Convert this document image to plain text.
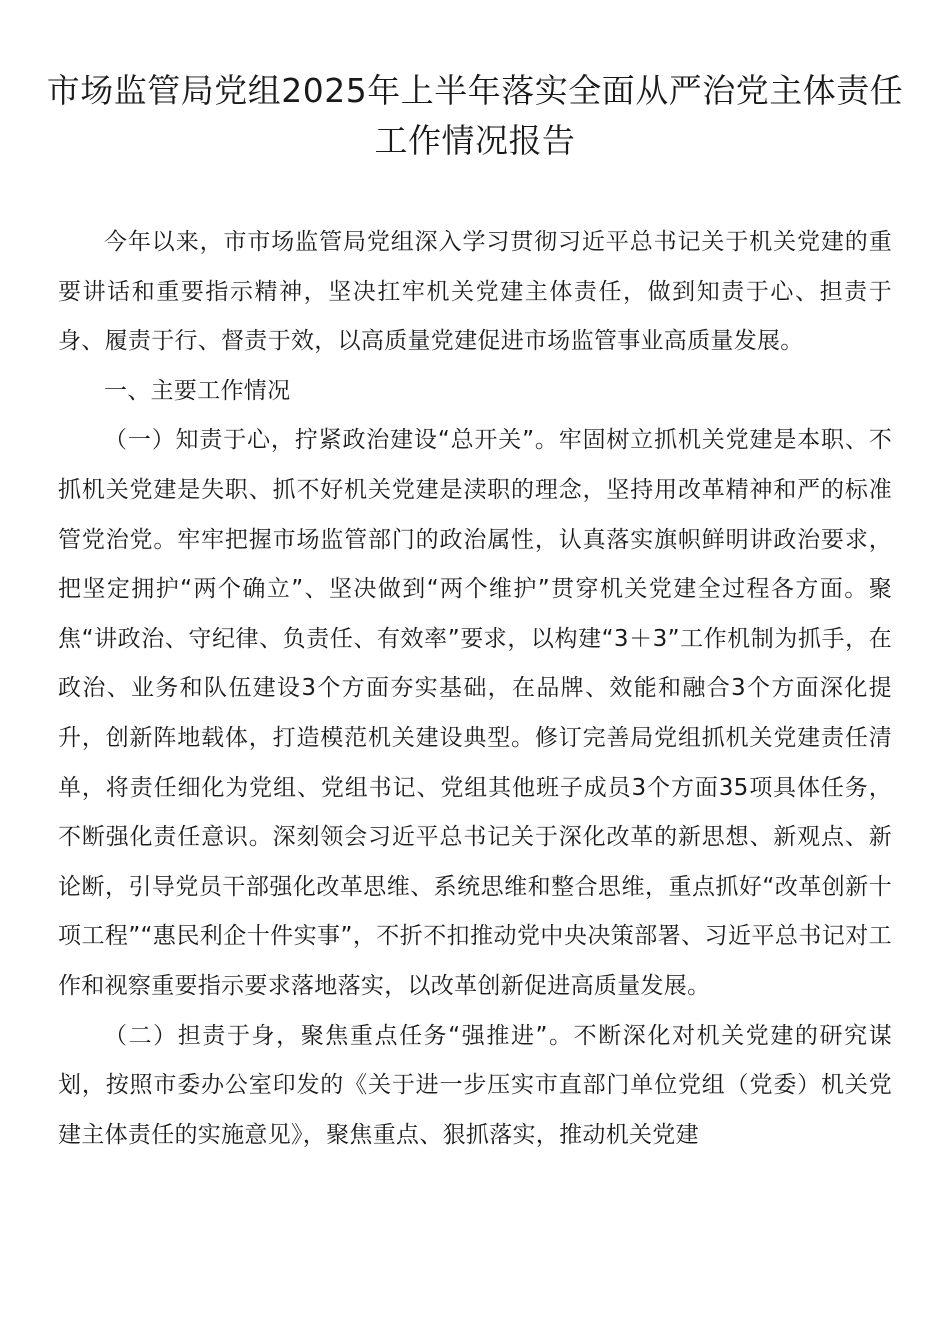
市场监管局党组2025年上半年落实全面从严治党主体责任工作情况报告

今年以来，市市场监管局党组深入学习贯彻习近平总书记关于机关党建的重要讲话和重要指示精神，坚决扛牢机关党建主体责任，做到知责于心、担责于身、履责于行、督责于效，以高质量党建促进市场监管事业高质量发展。

一、主要工作情况

（一）知责于心，拧紧政治建设“总开关”。牢固树立抓机关党建是本职、不抓机关党建是失职、抓不好机关党建是渎职的理念，坚持用改革精神和严的标准管党治党。牢牢把握市场监管部门的政治属性，认真落实旗帜鲜明讲政治要求，把坚定拥护“两个确立”、坚决做到“两个维护”贯穿机关党建全过程各方面。聚焦“讲政治、守纪律、负责任、有效率”要求，以构建“3＋3”工作机制为抓手，在政治、业务和队伍建设3个方面夯实基础，在品牌、效能和融合3个方面深化提升，创新阵地载体，打造模范机关建设典型。修订完善局党组抓机关党建责任清单，将责任细化为党组、党组书记、党组其他班子成员3个方面35项具体任务，不断强化责任意识。深刻领会习近平总书记关于深化改革的新思想、新观点、新论断，引导党员干部强化改革思维、系统思维和整合思维，重点抓好“改革创新十项工程”“惠民利企十件实事”，不折不扣推动党中央决策部署、习近平总书记对工作和视察重要指示要求落地落实，以改革创新促进高质量发展。

（二）担责于身，聚焦重点任务“强推进”。不断深化对机关党建的研究谋划，按照市委办公室印发的《关于进一步压实市直部门单位党组（党委）机关党建主体责任的实施意见》，聚焦重点、狠抓落实，推动机关党建
